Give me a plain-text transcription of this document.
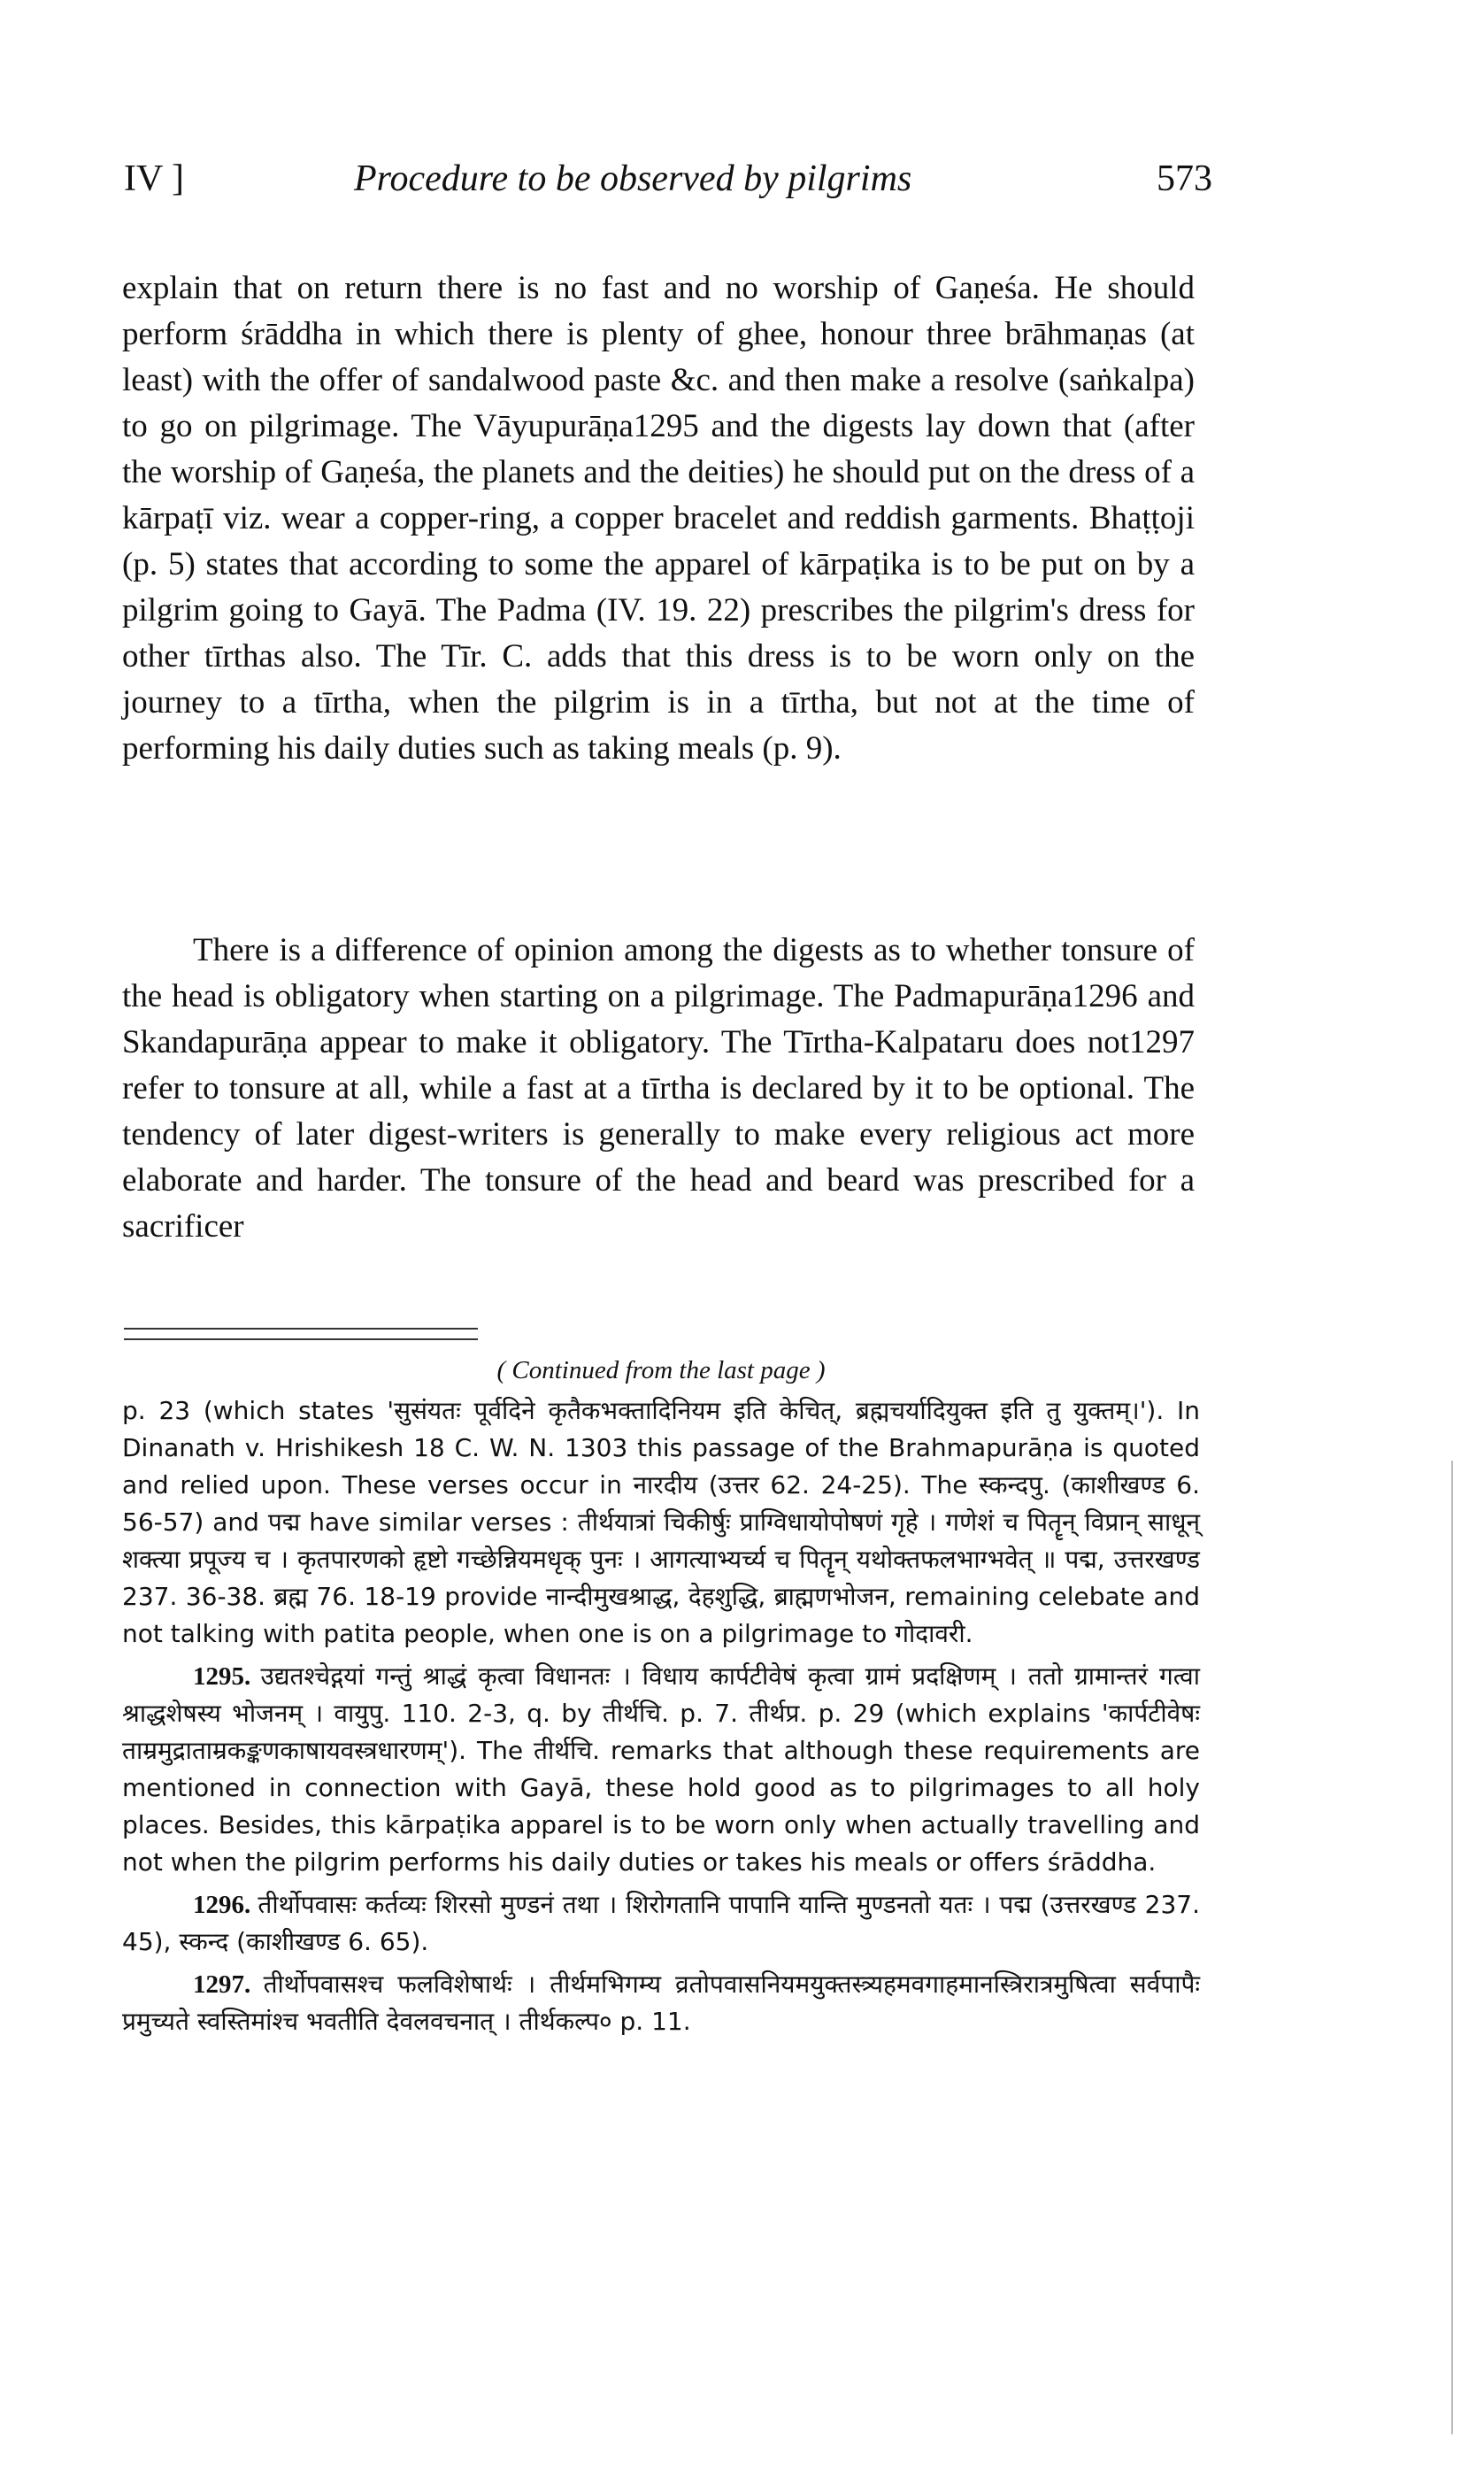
IV ]	Procedure to be observed by pilgrims	573

explain that on return there is no fast and no worship of Gaṇeśa. He should perform śrāddha in which there is plenty of ghee, honour three brāhmaṇas (at least) with the offer of sandalwood paste &c. and then make a resolve (saṅkalpa) to go on pilgrimage. The Vāyupurāṇa1295 and the digests lay down that (after the worship of Gaṇeśa, the planets and the deities) he should put on the dress of a kārpaṭī viz. wear a copper-ring, a copper bracelet and reddish garments. Bhaṭṭoji (p. 5) states that according to some the apparel of kārpaṭika is to be put on by a pilgrim going to Gayā. The Padma (IV. 19. 22) prescribes the pilgrim's dress for other tīrthas also. The Tīr. C. adds that this dress is to be worn only on the journey to a tīrtha, when the pilgrim is in a tīrtha, but not at the time of performing his daily duties such as taking meals (p. 9).

There is a difference of opinion among the digests as to whether tonsure of the head is obligatory when starting on a pilgrimage. The Padmapurāṇa1296 and Skandapurāṇa appear to make it obligatory. The Tīrtha-Kalpataru does not1297 refer to tonsure at all, while a fast at a tīrtha is declared by it to be optional. The tendency of later digest-writers is generally to make every religious act more elaborate and harder. The tonsure of the head and beard was prescribed for a sacrificer

( Continued from the last page )

p. 23 (which states 'सुसंयतः पूर्वदिने कृतैकभक्तादिनियम इति केचित्, ब्रह्मचर्यादियुक्त इति तु युक्तम्।'). In Dinanath v. Hrishikesh 18 C. W. N. 1303 this passage of the Brahmapurāṇa is quoted and relied upon. These verses occur in नारदीय (उत्तर 62. 24-25). The स्कन्दपु. (काशीखण्ड 6. 56-57) and पद्म have similar verses : तीर्थयात्रां चिकीर्षुः प्राग्विधायोपोषणं गृहे । गणेशं च पितॄन् विप्रान् साधून् शक्त्या प्रपूज्य च । कृतपारणको हृष्टो गच्छेन्नियमधृक् पुनः । आगत्याभ्यर्च्य च पितॄन् यथोक्तफलभाग्भवेत् ॥ पद्म, उत्तरखण्ड 237. 36-38. ब्रह्म 76. 18-19 provide नान्दीमुखश्राद्ध, देहशुद्धि, ब्राह्मणभोजन, remaining celebate and not talking with patita people, when one is on a pilgrimage to गोदावरी.

1295. उद्यतश्चेद्गयां गन्तुं श्राद्धं कृत्वा विधानतः । विधाय कार्पटीवेषं कृत्वा ग्रामं प्रदक्षिणम् । ततो ग्रामान्तरं गत्वा श्राद्धशेषस्य भोजनम् । वायुपु. 110. 2-3, q. by तीर्थचि. p. 7. तीर्थप्र. p. 29 (which explains 'कार्पटीवेषः ताम्रमुद्राताम्रकङ्कणकाषायवस्त्रधारणम्'). The तीर्थचि. remarks that although these requirements are mentioned in connection with Gayā, these hold good as to pilgrimages to all holy places. Besides, this kārpaṭika apparel is to be worn only when actually travelling and not when the pilgrim performs his daily duties or takes his meals or offers śrāddha.

1296. तीर्थोपवासः कर्तव्यः शिरसो मुण्डनं तथा । शिरोगतानि पापानि यान्ति मुण्डनतो यतः । पद्म (उत्तरखण्ड 237. 45), स्कन्द (काशीखण्ड 6. 65).

1297. तीर्थोपवासश्च फलविशेषार्थः । तीर्थमभिगम्य व्रतोपवासनियमयुक्तस्त्र्यहमवगाहमानस्त्रिरात्रमुषित्वा सर्वपापैः प्रमुच्यते स्वस्तिमांश्च भवतीति देवलवचनात् । तीर्थकल्प० p. 11.
